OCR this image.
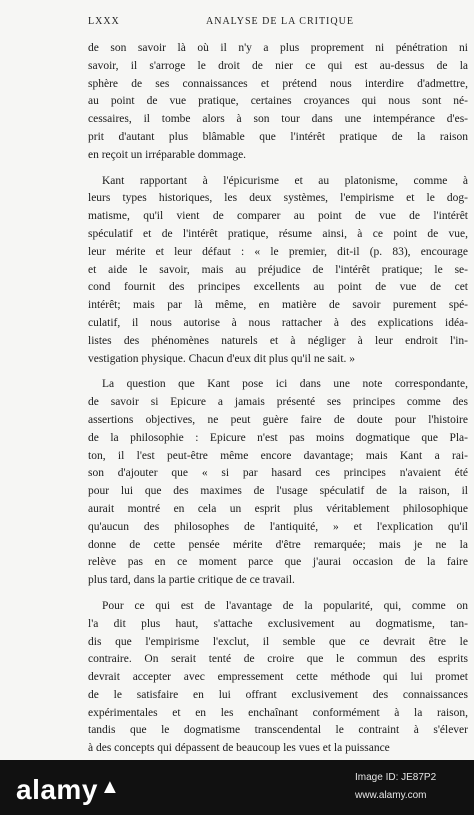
LXXX	ANALYSE DE LA CRITIQUE
de son savoir là où il n'y a plus proprement ni pénétration ni
savoir, il s'arroge le droit de nier ce qui est au-dessus de la
sphère de ses connaissances et prétend nous interdire d'admettre,
au point de vue pratique, certaines croyances qui nous sont né-
cessaires, il tombe alors à son tour dans une intempérance d'es-
prit d'autant plus blâmable que l'intérêt pratique de la raison
en reçoit un irréparable dommage.
Kant rapportant à l'épicurisme et au platonisme, comme à
leurs types historiques, les deux systèmes, l'empirisme et le dog-
matisme, qu'il vient de comparer au point de vue de l'intérêt
spéculatif et de l'intérêt pratique, résume ainsi, à ce point de vue,
leur mérite et leur défaut : « le premier, dit-il (p. 83), encourage
et aide le savoir, mais au préjudice de l'intérêt pratique; le se-
cond fournit des principes excellents au point de vue de cet
intérêt; mais par là même, en matière de savoir purement spé-
culatif, il nous autorise à nous rattacher à des explications idéa-
listes des phénomènes naturels et à négliger à leur endroit l'in-
vestigation physique. Chacun d'eux dit plus qu'il ne sait. »
La question que Kant pose ici dans une note correspondante,
de savoir si Epicure a jamais présenté ses principes comme des
assertions objectives, ne peut guère faire de doute pour l'histoire
de la philosophie : Epicure n'est pas moins dogmatique que Pla-
ton, il l'est peut-être même encore davantage; mais Kant a rai-
son d'ajouter que « si par hasard ces principes n'avaient été
pour lui que des maximes de l'usage spéculatif de la raison, il
aurait montré en cela un esprit plus véritablement philosophique
qu'aucun des philosophes de l'antiquité, » et l'explication qu'il
donne de cette pensée mérite d'être remarquée; mais je ne la
relève pas en ce moment parce que j'aurai occasion de la faire
plus tard, dans la partie critique de ce travail.
Pour ce qui est de l'avantage de la popularité, qui, comme on
l'a dit plus haut, s'attache exclusivement au dogmatisme, tan-
dis que l'empirisme l'exclut, il semble que ce devrait être le
contraire. On serait tenté de croire que le commun des esprits
devrait accepter avec empressement cette méthode qui lui promet
de le satisfaire en lui offrant exclusivement des connaissances
expérimentales et en les enchaînant conformément à la raison,
tandis que le dogmatisme transcendental le contraint à s'élever
à des concepts qui dépassent de beaucoup les vues et la puissance
alamy ▲	Image ID: JE87P2
www.alamy.com
